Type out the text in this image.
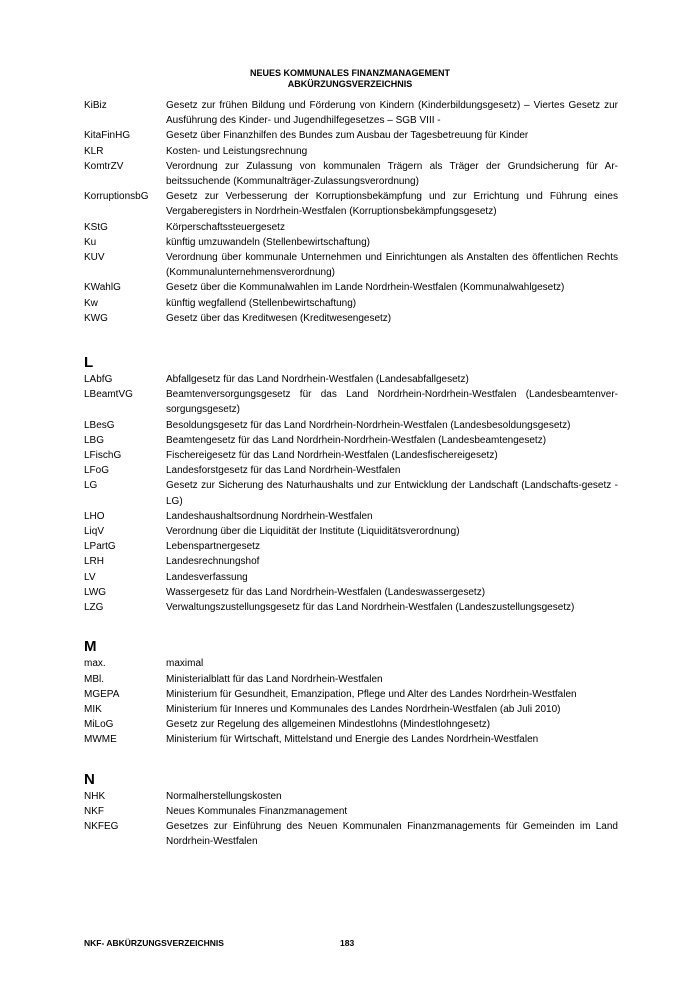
NEUES KOMMUNALES FINANZMANAGEMENT
ABKÜRZUNGSVERZEICHNIS
KiBiz	Gesetz zur frühen Bildung und Förderung von Kindern (Kinderbildungsgesetz) – Viertes Gesetz zur Ausführung des Kinder- und Jugendhilfegesetzes – SGB VIII -
KitaFinHG	Gesetz über Finanzhilfen des Bundes zum Ausbau der Tagesbetreuung für Kinder
KLR	Kosten- und Leistungsrechnung
KomtrZV	Verordnung zur Zulassung von kommunalen Trägern als Träger der Grundsicherung für Ar-beitssuchende (Kommunalträger-Zulassungsverordnung)
KorruptionsbG	Gesetz zur Verbesserung der Korruptionsbekämpfung und zur Errichtung und Führung eines Vergaberegisters in Nordrhein-Westfalen (Korruptionsbekämpfungsgesetz)
KStG	Körperschaftssteuergesetz
Ku	künftig umzuwandeln (Stellenbewirtschaftung)
KUV	Verordnung über kommunale Unternehmen und Einrichtungen als Anstalten des öffentlichen Rechts (Kommunalunternehmensverordnung)
KWahlG	Gesetz über die Kommunalwahlen im Lande Nordrhein-Westfalen (Kommunalwahlgesetz)
Kw	künftig wegfallend (Stellenbewirtschaftung)
KWG	Gesetz über das Kreditwesen (Kreditwesengesetz)
L
LAbfG	Abfallgesetz für das Land Nordrhein-Westfalen (Landesabfallgesetz)
LBeamtVG	Beamtenversorgungsgesetz für das Land Nordrhein-Nordrhein-Westfalen (Landesbeamtenver-sorgungsgesetz)
LBesG	Besoldungsgesetz für das Land Nordrhein-Nordrhein-Westfalen (Landesbesoldungsgesetz)
LBG	Beamtengesetz für das Land Nordrhein-Nordrhein-Westfalen (Landesbeamtengesetz)
LFischG	Fischereigesetz für das Land Nordrhein-Westfalen (Landesfischereigesetz)
LFoG	Landesforstgesetz für das Land Nordrhein-Westfalen
LG	Gesetz zur Sicherung des Naturhaushalts und zur Entwicklung der Landschaft (Landschafts-gesetz - LG)
LHO	Landeshaushaltsordnung Nordrhein-Westfalen
LiqV	Verordnung über die Liquidität der Institute (Liquiditätsverordnung)
LPartG	Lebenspartnergesetz
LRH	Landesrechnungshof
LV	Landesverfassung
LWG	Wassergesetz für das Land Nordrhein-Westfalen (Landeswassergesetz)
LZG	Verwaltungszustellungsgesetz für das Land Nordrhein-Westfalen (Landeszustellungsgesetz)
M
max.	maximal
MBl.	Ministerialblatt für das Land Nordrhein-Westfalen
MGEPA	Ministerium für Gesundheit, Emanzipation, Pflege und Alter des Landes Nordrhein-Westfalen
MIK	Ministerium für Inneres und Kommunales des Landes Nordrhein-Westfalen (ab Juli 2010)
MiLoG	Gesetz zur Regelung des allgemeinen Mindestlohns (Mindestlohngesetz)
MWME	Ministerium für Wirtschaft, Mittelstand und Energie des Landes Nordrhein-Westfalen
N
NHK	Normalherstellungskosten
NKF	Neues Kommunales Finanzmanagement
NKFEG	Gesetzes zur Einführung des Neuen Kommunalen Finanzmanagements für Gemeinden im Land Nordrhein-Westfalen
NKF- ABKÜRZUNGSVERZEICHNIS	183
